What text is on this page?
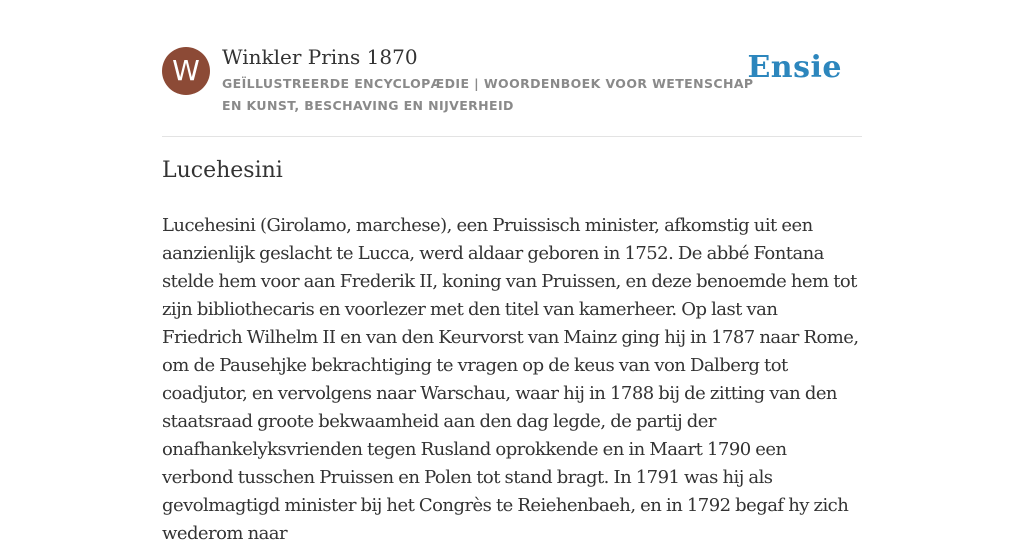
W	Winkler Prins 1870
GEÏLLUSTREERDE ENCYCLOPÆDIE | WOORDENBOEK VOOR WETENSCHAP EN KUNST, BESCHAVING EN NIJVERHEID
Ensie
Lucehesini

Lucehesini (Girolamo, marchese), een Pruissisch minister, afkomstig uit een aanzienlijk geslacht te Lucca, werd aldaar geboren in 1752. De abbé Fontana stelde hem voor aan Frederik II, koning van Pruissen, en deze benoemde hem tot zijn bibliothecaris en voorlezer met den titel van kamerheer. Op last van Friedrich Wilhelm II en van den Keurvorst van Mainz ging hij in 1787 naar Rome, om de Pausehjke bekrachtiging te vragen op de keus van von Dalberg tot coadjutor, en vervolgens naar Warschau, waar hij in 1788 bij de zitting van den staatsraad groote bekwaamheid aan den dag legde, de partij der onafhankelyksvrienden tegen Rusland oprokkende en in Maart 1790 een verbond tusschen Pruissen en Polen tot stand bragt. In 1791 was hij als gevolmagtigd minister bij het Congrès te Reiehenbaeh, en in 1792 begaf hy zich wederom naar
